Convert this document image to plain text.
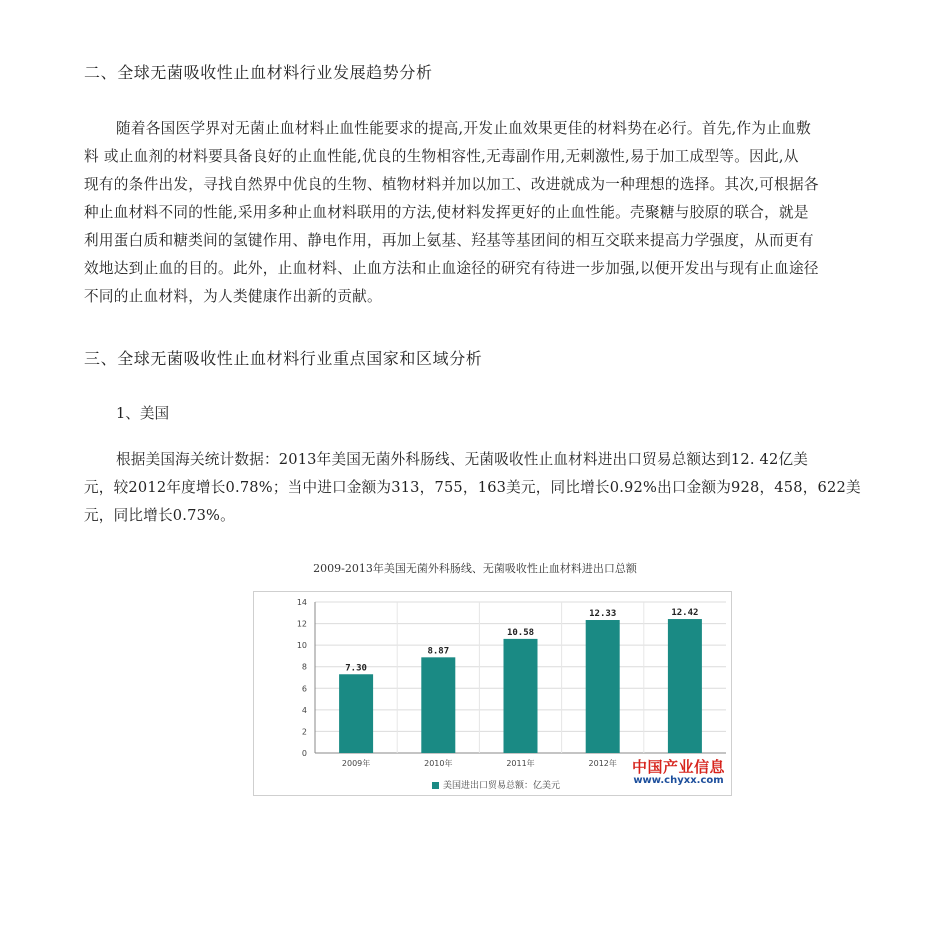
二、全球无菌吸收性止血材料行业发展趋势分析
随着各国医学界对无菌止血材料止血性能要求的提高,开发止血效果更佳的材料势在必行。首先,作为止血敷
料 或止血剂的材料要具备良好的止血性能,优良的生物相容性,无毒副作用,无刺激性,易于加工成型等。因此,从
现有的条件出发，寻找自然界中优良的生物、植物材料并加以加工、改进就成为一种理想的选择。其次,可根据各
种止血材料不同的性能,采用多种止血材料联用的方法,使材料发挥更好的止血性能。壳聚糖与胶原的联合，就是
利用蛋白质和糖类间的氢键作用、静电作用，再加上氨基、羟基等基团间的相互交联来提高力学强度，从而更有
效地达到止血的目的。此外，止血材料、止血方法和止血途径的研究有待进一步加强,以便开发出与现有止血途径
不同的止血材料，为人类健康作出新的贡献。
三、全球无菌吸收性止血材料行业重点国家和区域分析
1、美国
根据美国海关统计数据：2013年美国无菌外科肠线、无菌吸收性止血材料进出口贸易总额达到12. 42亿美
元，较2012年度增长0.78%；当中进口金额为313，755，163美元，同比增长0.92%出口金额为928，458，622美
元，同比增长0.73%。
2009-2013年美国无菌外科肠线、无菌吸收性止血材料进出口总额
0
2
4
6
8
10
12
14
7.30
2009年
8.87
2010年
10.58
2011年
12.33
2012年
12.42
美国进出口贸易总额：亿美元
中国产业信息
www.chyxx.com
